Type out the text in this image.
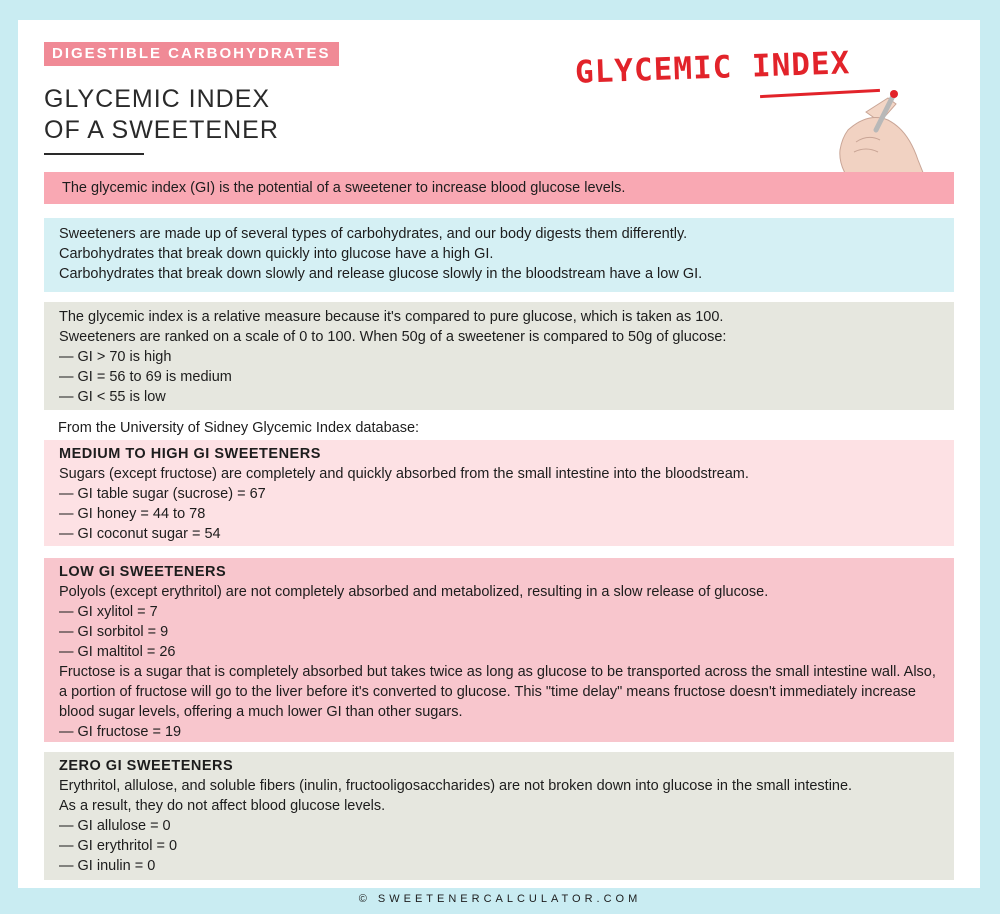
DIGESTIBLE CARBOHYDRATES
GLYCEMIC INDEX
OF A SWEETENER
GLYCEMIC INDEX
The glycemic index (GI) is the potential of a sweetener to increase blood glucose levels.
Sweeteners are made up of several types of carbohydrates, and our body digests them differently.
Carbohydrates that break down quickly into glucose have a high GI.
Carbohydrates that break down slowly and release glucose slowly in the bloodstream have a low GI.
The glycemic index is a relative measure because it's compared to pure glucose, which is taken as 100.
Sweeteners are ranked on a scale of 0 to 100. When 50g of a sweetener is compared to 50g of glucose:
— GI > 70 is high
— GI = 56 to 69 is medium
— GI < 55 is low
From the University of Sidney Glycemic Index database:
MEDIUM TO HIGH GI SWEETENERS
Sugars (except fructose) are completely and quickly absorbed from the small intestine into the bloodstream.
— GI table sugar (sucrose) = 67
— GI honey = 44 to 78
— GI coconut sugar = 54
LOW GI SWEETENERS
Polyols (except erythritol) are not completely absorbed and metabolized, resulting in a slow release of glucose.
— GI xylitol = 7
— GI sorbitol = 9
— GI maltitol = 26
Fructose is a sugar that is completely absorbed but takes twice as long as glucose to be transported across the small intestine wall. Also, a portion of fructose will go to the liver before it's converted to glucose. This "time delay" means fructose doesn't immediately increase blood sugar levels, offering a much lower GI than other sugars.
— GI fructose = 19
ZERO GI SWEETENERS
Erythritol, allulose, and soluble fibers (inulin, fructooligosaccharides) are not broken down into glucose in the small intestine.
As a result, they do not affect blood glucose levels.
— GI allulose = 0
— GI erythritol = 0
— GI inulin = 0
© SWEETENERCALCULATOR.COM
